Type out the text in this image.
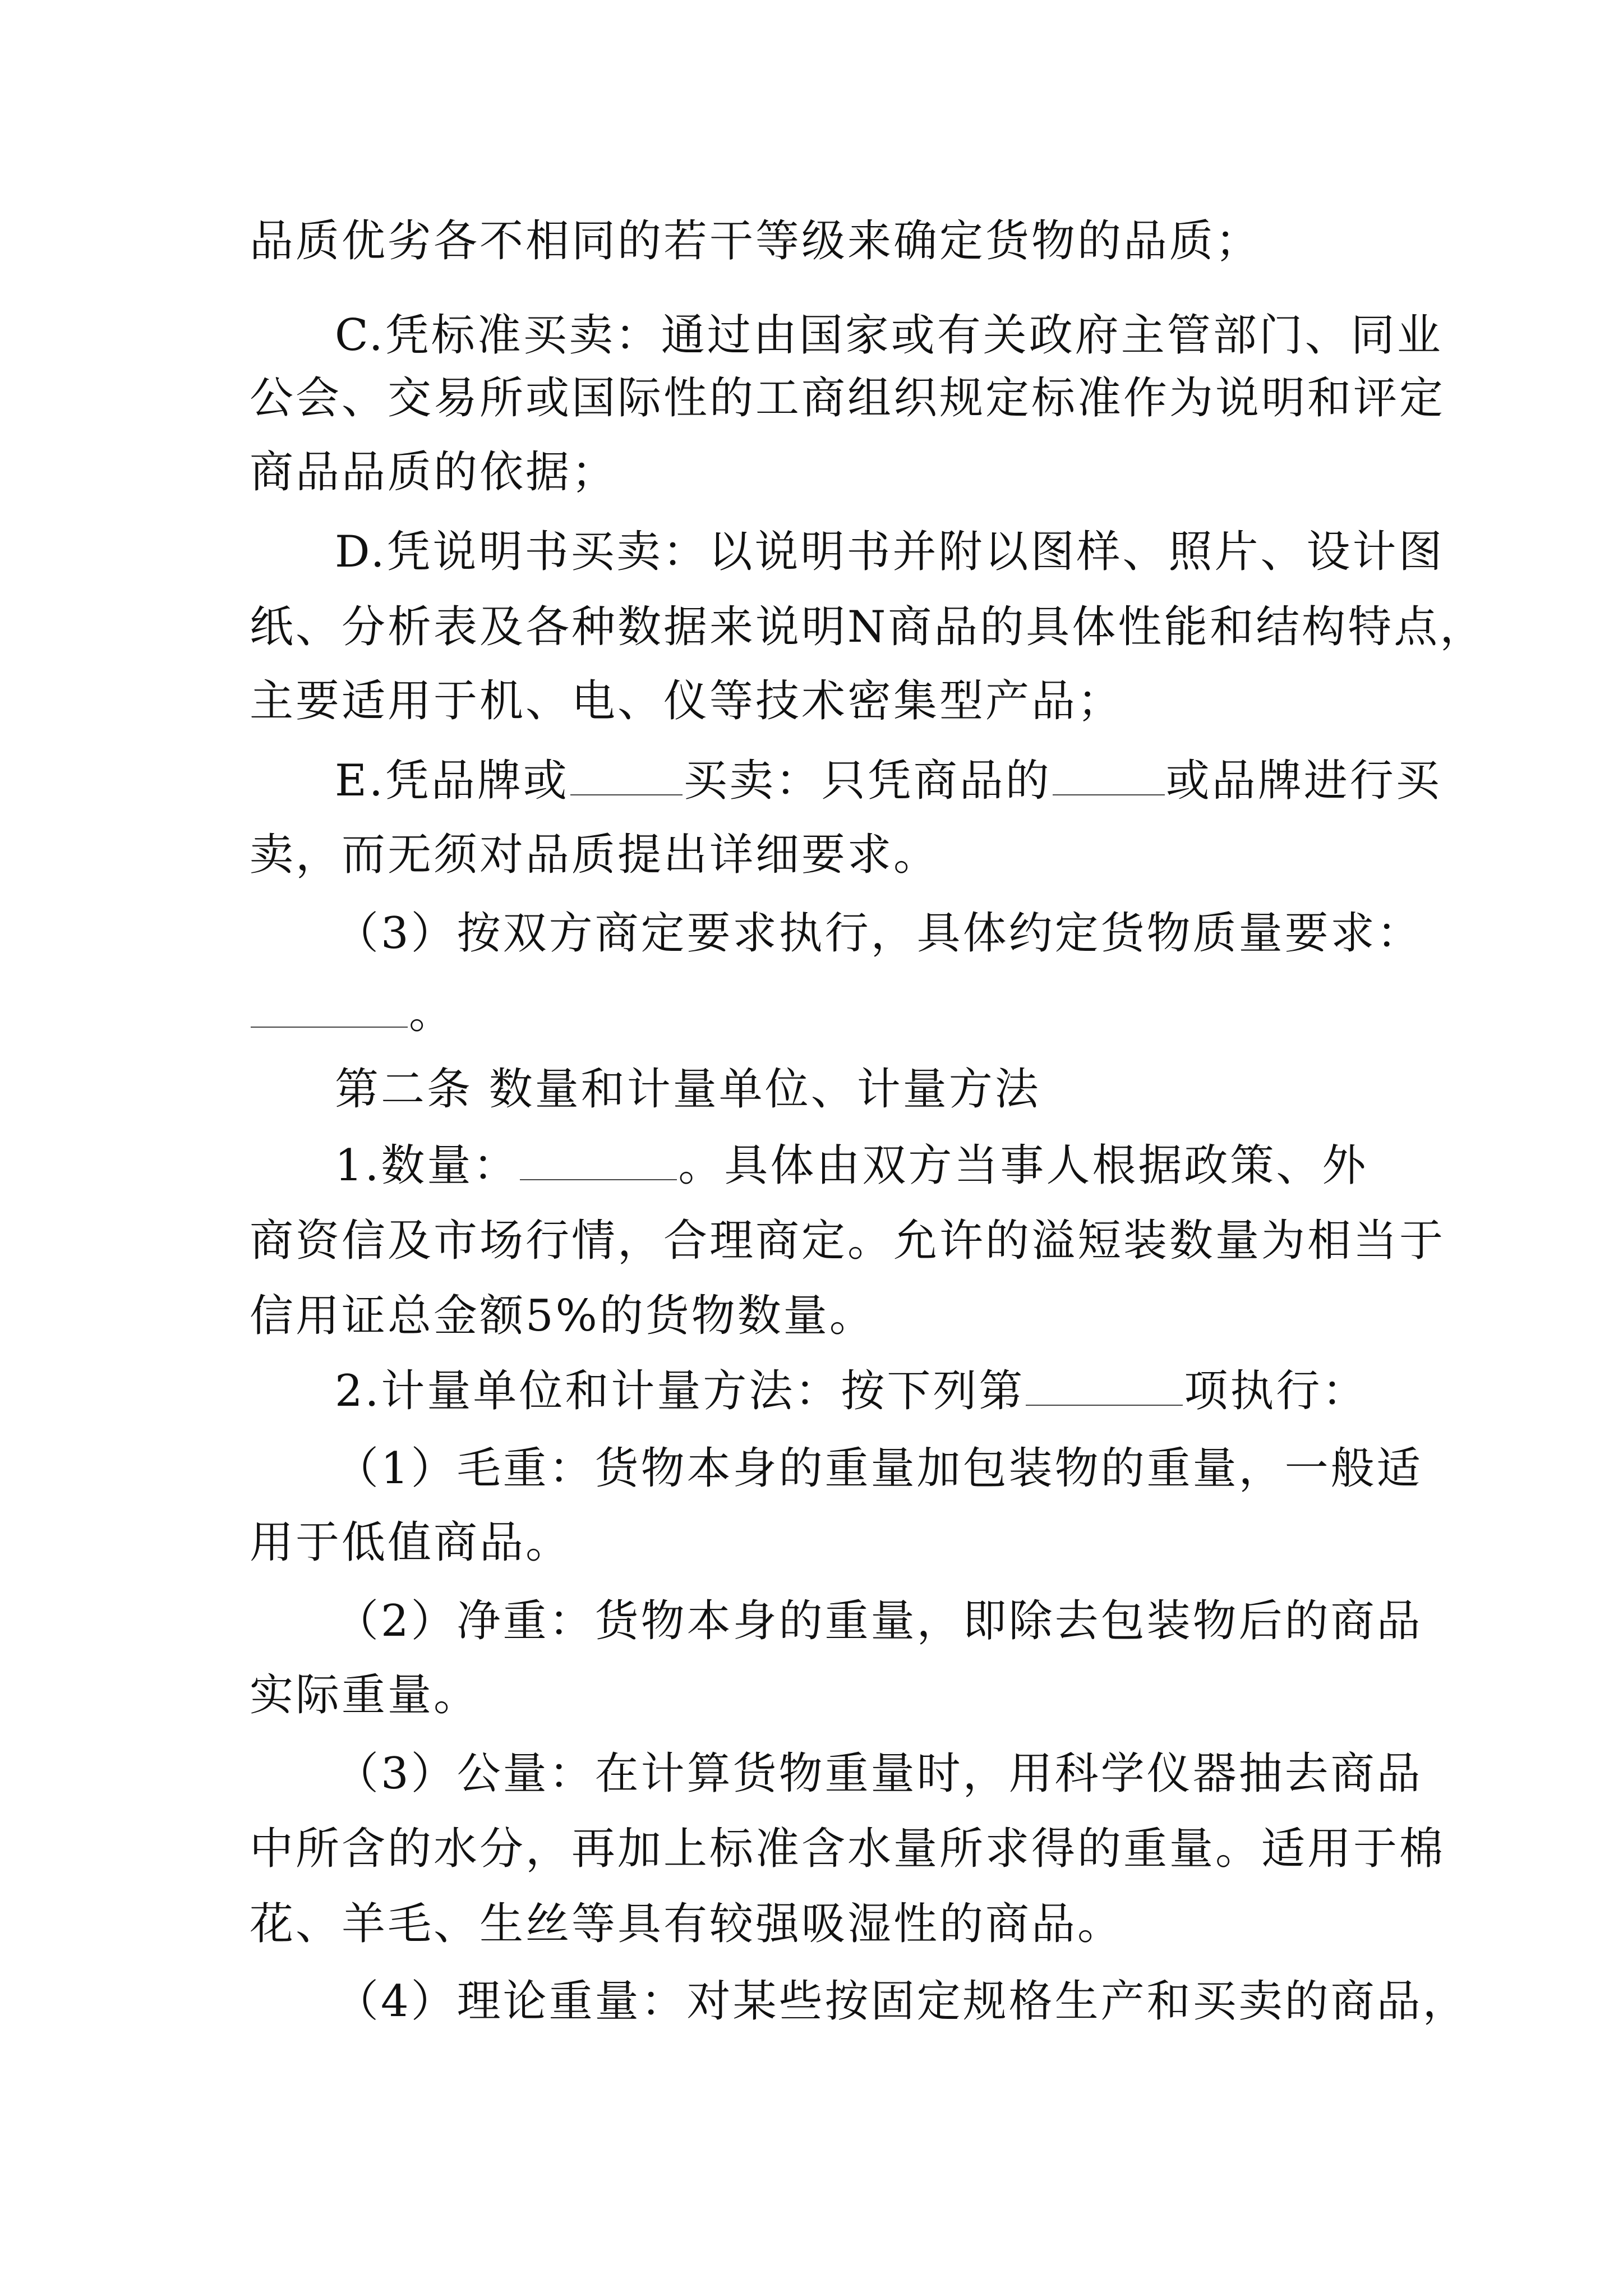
品质优劣各不相同的若干等级来确定货物的品质；
C.凭标准买卖：通过由国家或有关政府主管部门、同业
公会、交易所或国际性的工商组织规定标准作为说明和评定
商品品质的依据；
D.凭说明书买卖：以说明书并附以图样、照片、设计图
纸、分析表及各种数据来说明N商品的具体性能和结构特点，
主要适用于机、电、仪等技术密集型产品；
E.凭品牌或	买卖：只凭商品的	或品牌进行买
卖，而无须对品质提出详细要求。
（3）按双方商定要求执行，具体约定货物质量要求：
。
第二条 数量和计量单位、计量方法
1.数量：	。具体由双方当事人根据政策、外
商资信及市场行情，合理商定。允许的溢短装数量为相当于
信用证总金额5%的货物数量。
2.计量单位和计量方法：按下列第	项执行：
（1）毛重：货物本身的重量加包装物的重量，一般适
用于低值商品。
（2）净重：货物本身的重量，即除去包装物后的商品
实际重量。
（3）公量：在计算货物重量时，用科学仪器抽去商品
中所含的水分，再加上标准含水量所求得的重量。适用于棉
花、羊毛、生丝等具有较强吸湿性的商品。
（4）理论重量：对某些按固定规格生产和买卖的商品，
